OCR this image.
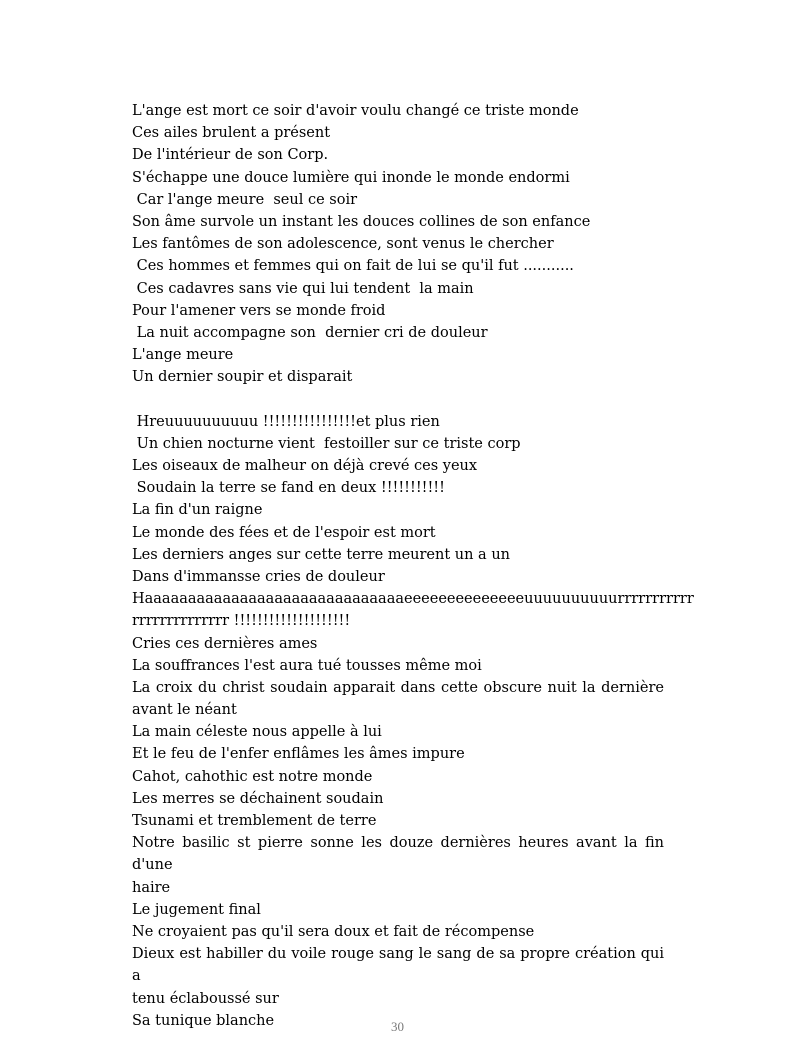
L'ange est mort ce soir d'avoir voulu changé ce triste monde
Ces ailes brulent a présent
De l'intérieur de son Corp.
S'échappe une douce lumière qui inonde le monde endormi
Car l'ange meure  seul ce soir
Son âme survole un instant les douces collines de son enfance
Les fantômes de son adolescence, sont venus le chercher
Ces hommes et femmes qui on fait de lui se qu'il fut ...........
Ces cadavres sans vie qui lui tendent  la main
Pour l'amener vers se monde froid
La nuit accompagne son  dernier cri de douleur
L'ange meure
Un dernier soupir et disparait
Hreuuuuuuuuuu !!!!!!!!!!!!!!!!et plus rien
Un chien nocturne vient  festoiller sur ce triste corp
Les oiseaux de malheur on déjà crevé ces yeux
Soudain la terre se fand en deux !!!!!!!!!!!
La fin d'un raigne
Le monde des fées et de l'espoir est mort
Les derniers anges sur cette terre meurent un a un
Dans d'immansse cries de douleur
Haaaaaaaaaaaaaaaaaaaaaaaaaaaaaaeeeeeeeeeeeeeeuuuuuuuuuurrrrrrrrrrr
rrrrrrrrrrrrrr !!!!!!!!!!!!!!!!!!!!
Cries ces dernières ames
La souffrances l'est aura tué tousses même moi
La croix du christ soudain apparait dans cette obscure nuit la dernière
avant le néant
La main céleste nous appelle à lui
Et le feu de l'enfer enflâmes les âmes impure
Cahot, cahothic est notre monde
Les merres se déchainent soudain
Tsunami et tremblement de terre
Notre basilic st pierre sonne les douze dernières heures avant la fin d'une
haire
Le jugement final
Ne croyaient pas qu'il sera doux et fait de récompense
Dieux est habiller du voile rouge sang le sang de sa propre création qui a
tenu éclaboussé sur
Sa tunique blanche	30
